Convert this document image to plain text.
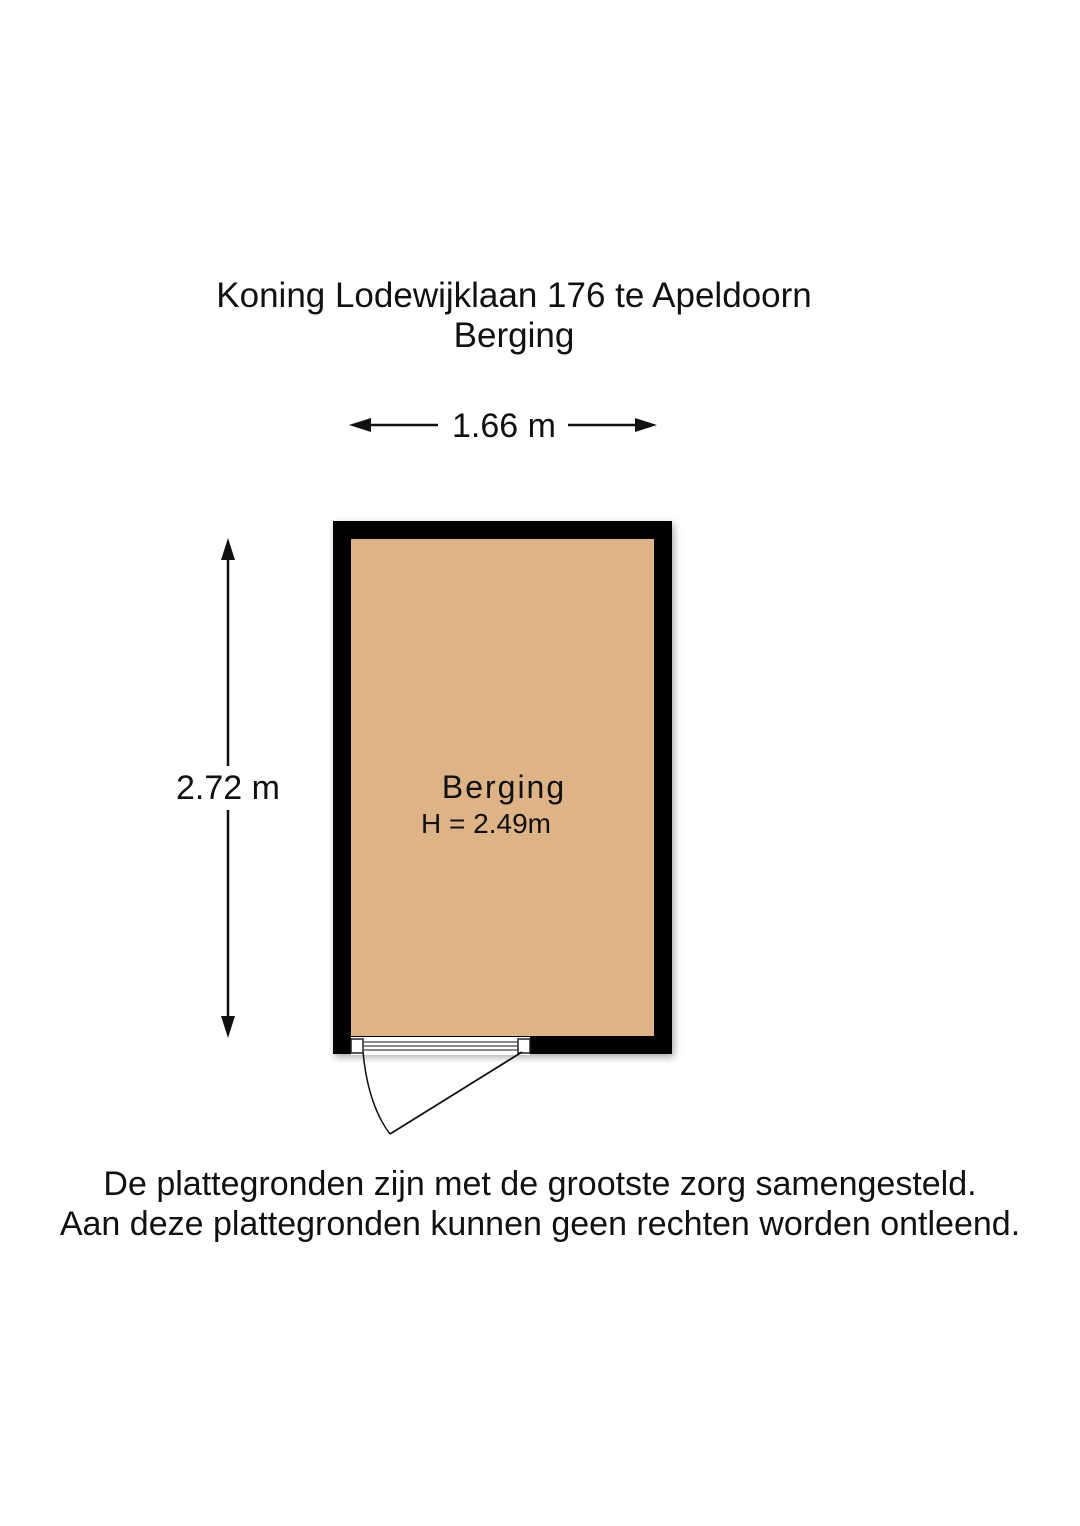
Koning Lodewijklaan 176 te Apeldoorn
Berging
1.66 m
2.72 m	Berging
H = 2.49m
De plattegronden zijn met de grootste zorg samengesteld.
Aan deze plattegronden kunnen geen rechten worden ontleend.
